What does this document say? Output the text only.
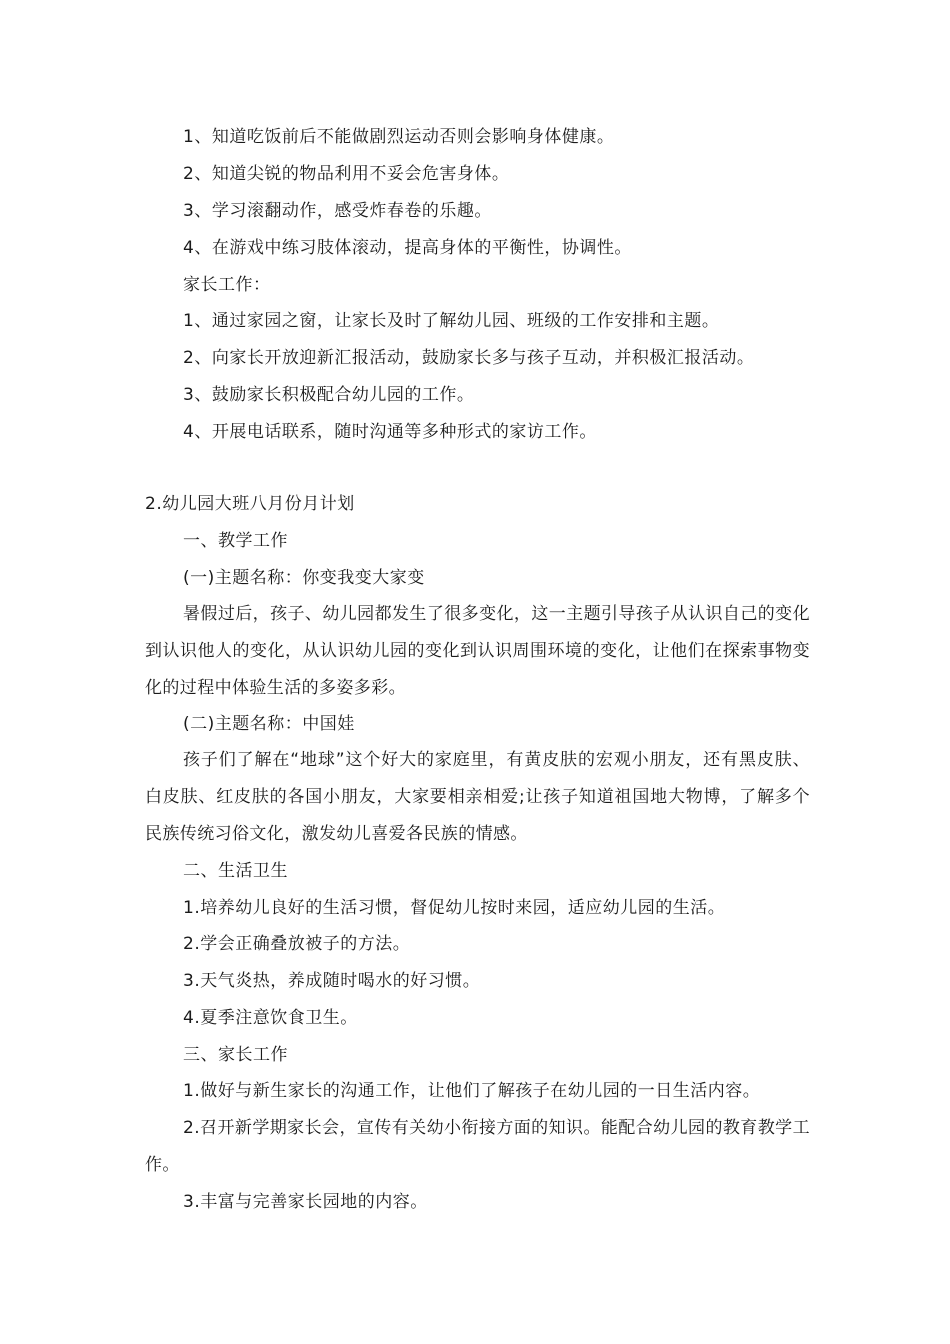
1、知道吃饭前后不能做剧烈运动否则会影响身体健康。
2、知道尖锐的物品利用不妥会危害身体。
3、学习滚翻动作，感受炸春卷的乐趣。
4、在游戏中练习肢体滚动，提高身体的平衡性，协调性。
家长工作：
1、通过家园之窗，让家长及时了解幼儿园、班级的工作安排和主题。
2、向家长开放迎新汇报活动，鼓励家长多与孩子互动，并积极汇报活动。
3、鼓励家长积极配合幼儿园的工作。
4、开展电话联系，随时沟通等多种形式的家访工作。
2.幼儿园大班八月份月计划
一、教学工作
(一)主题名称：你变我变大家变
暑假过后，孩子、幼儿园都发生了很多变化，这一主题引导孩子从认识自己的变化到认识他人的变化，从认识幼儿园的变化到认识周围环境的变化，让他们在探索事物变化的过程中体验生活的多姿多彩。
(二)主题名称：中国娃
孩子们了解在“地球”这个好大的家庭里，有黄皮肤的宏观小朋友，还有黑皮肤、白皮肤、红皮肤的各国小朋友，大家要相亲相爱;让孩子知道祖国地大物博，了解多个民族传统习俗文化，激发幼儿喜爱各民族的情感。
二、生活卫生
1.培养幼儿良好的生活习惯，督促幼儿按时来园，适应幼儿园的生活。
2.学会正确叠放被子的方法。
3.天气炎热，养成随时喝水的好习惯。
4.夏季注意饮食卫生。
三、家长工作
1.做好与新生家长的沟通工作，让他们了解孩子在幼儿园的一日生活内容。
2.召开新学期家长会，宣传有关幼小衔接方面的知识。能配合幼儿园的教育教学工作。
3.丰富与完善家长园地的内容。
